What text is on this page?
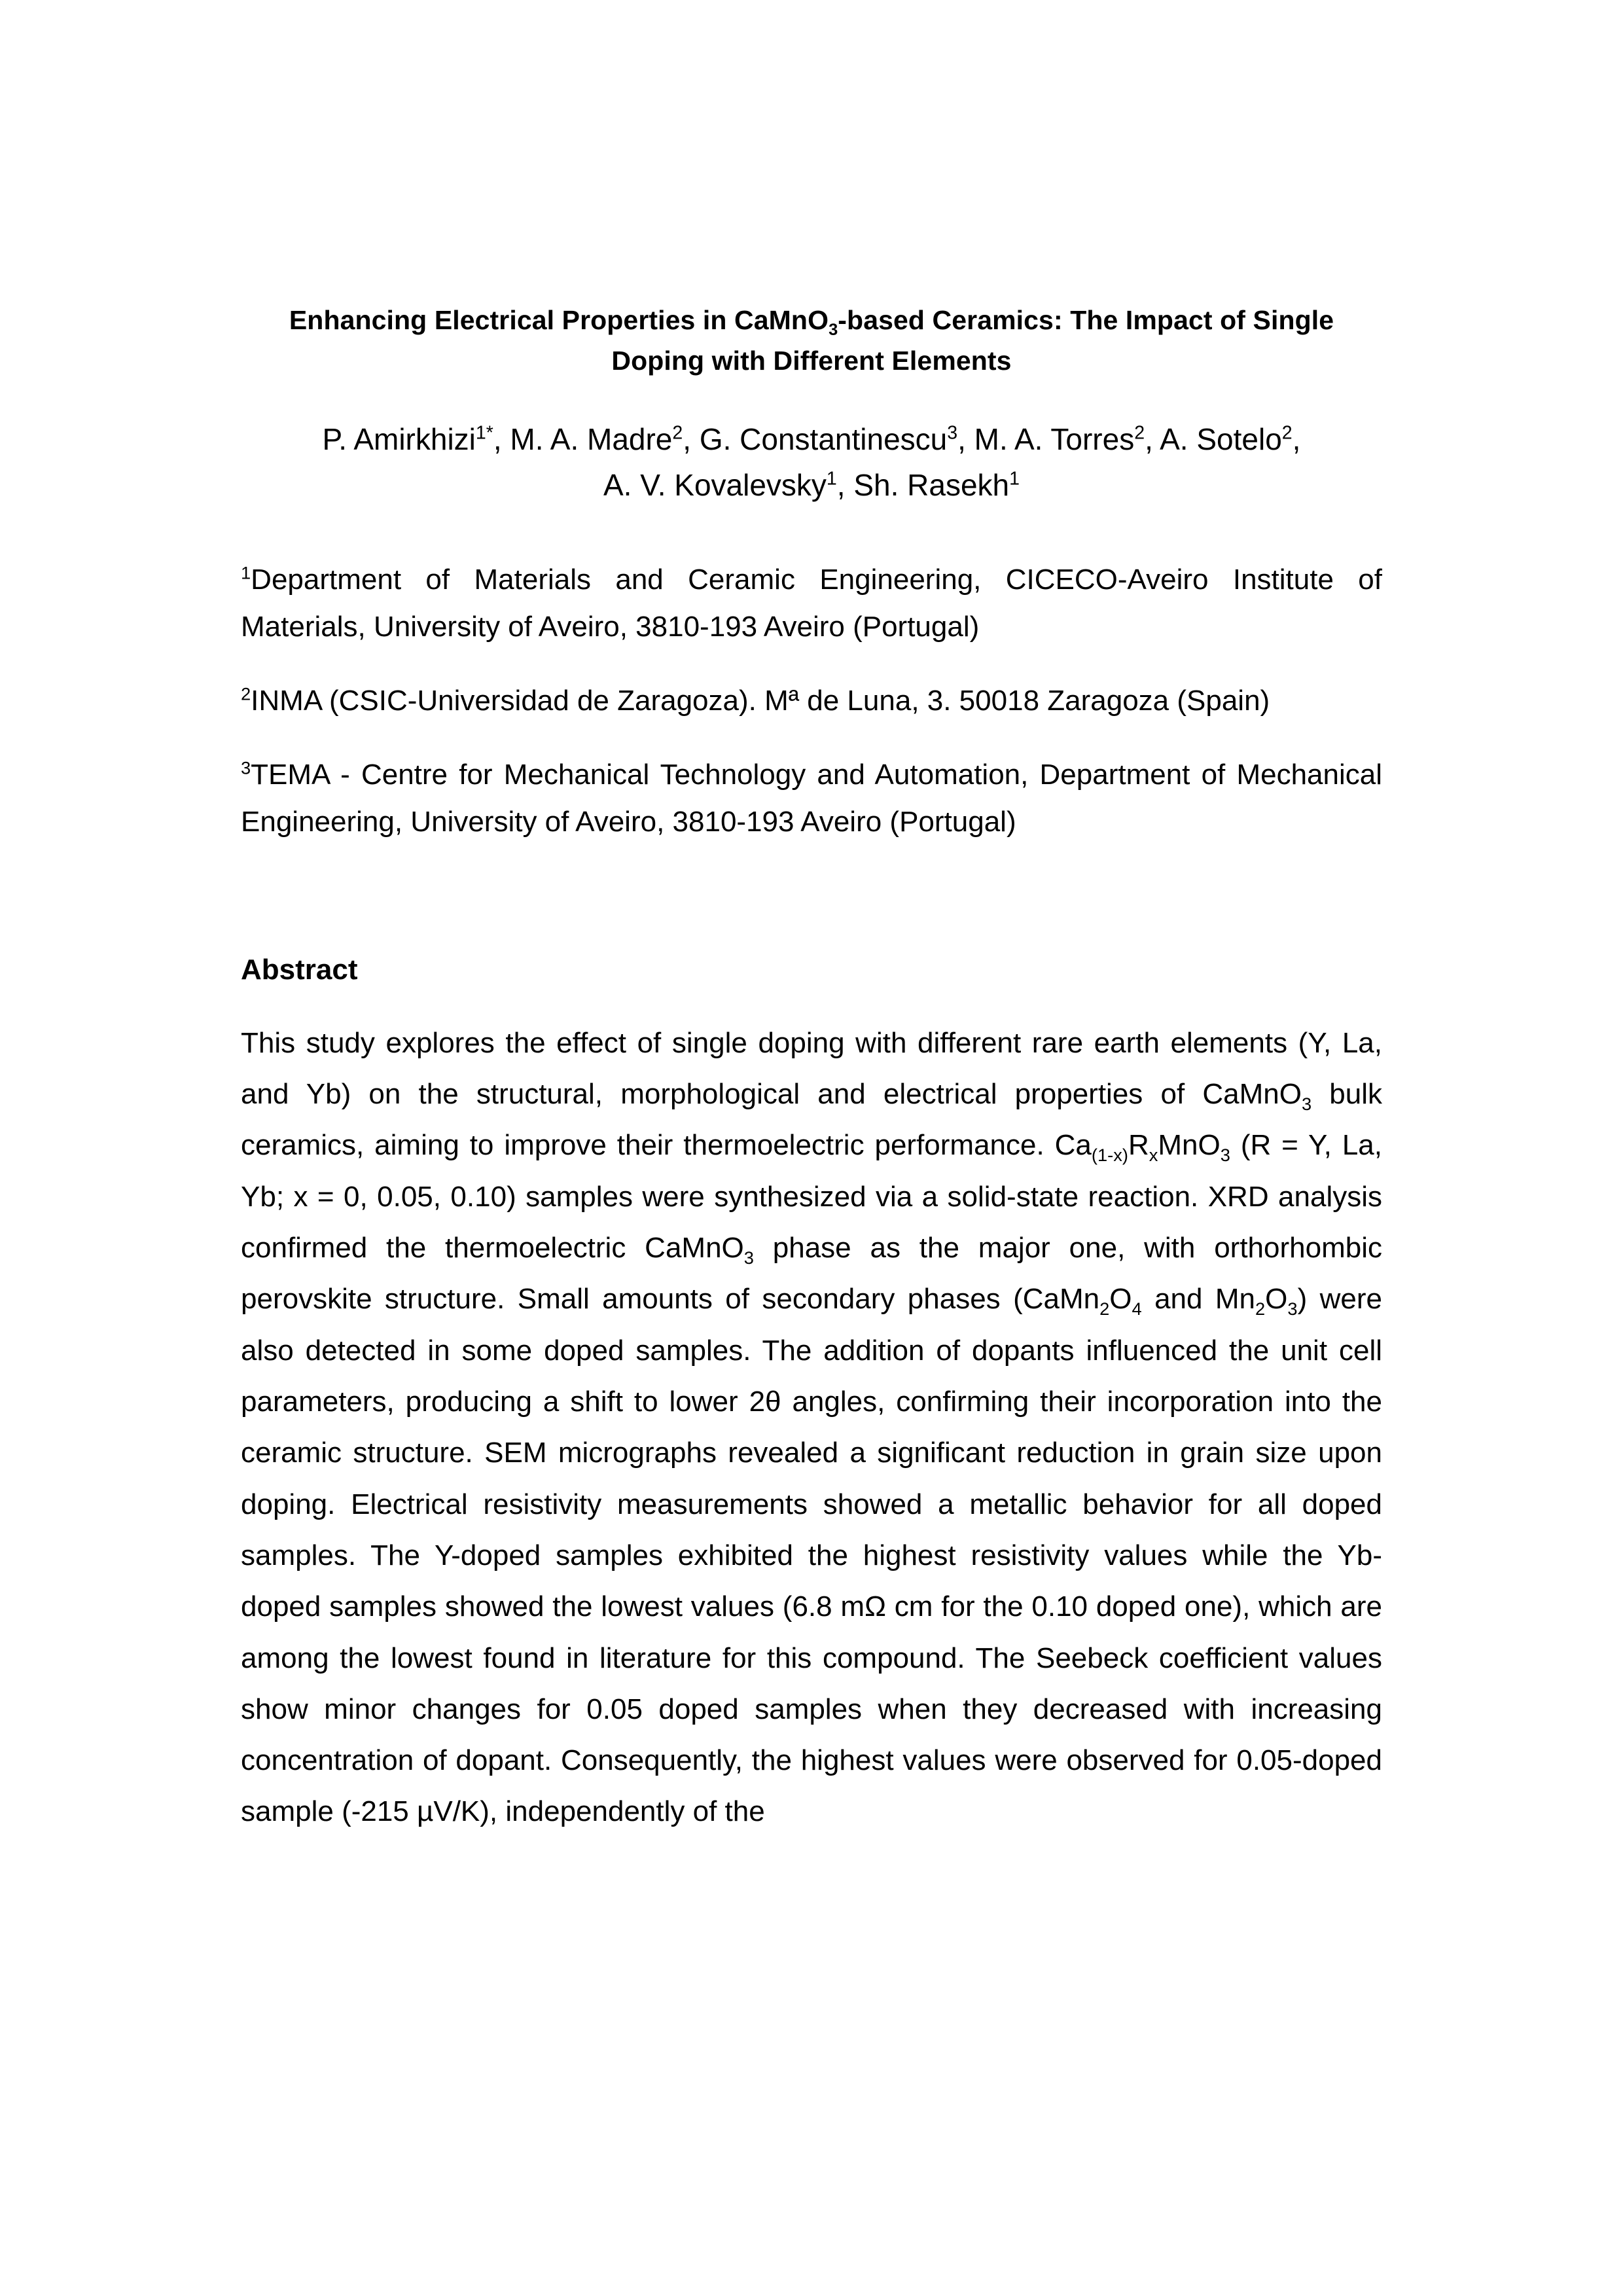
Enhancing Electrical Properties in CaMnO$_3$-based Ceramics: The Impact of Single Doping with Different Elements

P. Amirkhizi$^{1*}$, M. A. Madre$^2$, G. Constantinescu$^3$, M. A. Torres$^2$, A. Sotelo$^2$, A. V. Kovalevsky$^1$, Sh. Rasekh$^1$

$^1$Department of Materials and Ceramic Engineering, CICECO-Aveiro Institute of Materials, University of Aveiro, 3810-193 Aveiro (Portugal)

$^2$INMA (CSIC-Universidad de Zaragoza). Mª de Luna, 3. 50018 Zaragoza (Spain)

$^3$TEMA - Centre for Mechanical Technology and Automation, Department of Mechanical Engineering, University of Aveiro, 3810-193 Aveiro (Portugal)

Abstract

This study explores the effect of single doping with different rare earth elements (Y, La, and Yb) on the structural, morphological and electrical properties of CaMnO$_3$ bulk ceramics, aiming to improve their thermoelectric performance. $Ca_{(1-x)}R_xMnO_3$ (R = Y, La, Yb; x = 0, 0.05, 0.10) samples were synthesized via a solid-state reaction. XRD analysis confirmed the thermoelectric CaMnO$_3$ phase as the major one, with orthorhombic perovskite structure. Small amounts of secondary phases ($CaMn_2O_4$ and $Mn_2O_3$) were also detected in some doped samples. The addition of dopants influenced the unit cell parameters, producing a shift to lower 2θ angles, confirming their incorporation into the ceramic structure. SEM micrographs revealed a significant reduction in grain size upon doping. Electrical resistivity measurements showed a metallic behavior for all doped samples. The Y-doped samples exhibited the highest resistivity values while the Yb-doped samples showed the lowest values (6.8 mΩ cm for the 0.10 doped one), which are among the lowest found in literature for this compound. The Seebeck coefficient values show minor changes for 0.05 doped samples when they decreased with increasing concentration of dopant. Consequently, the highest values were observed for 0.05-doped sample (-215 µV/K), independently of the
